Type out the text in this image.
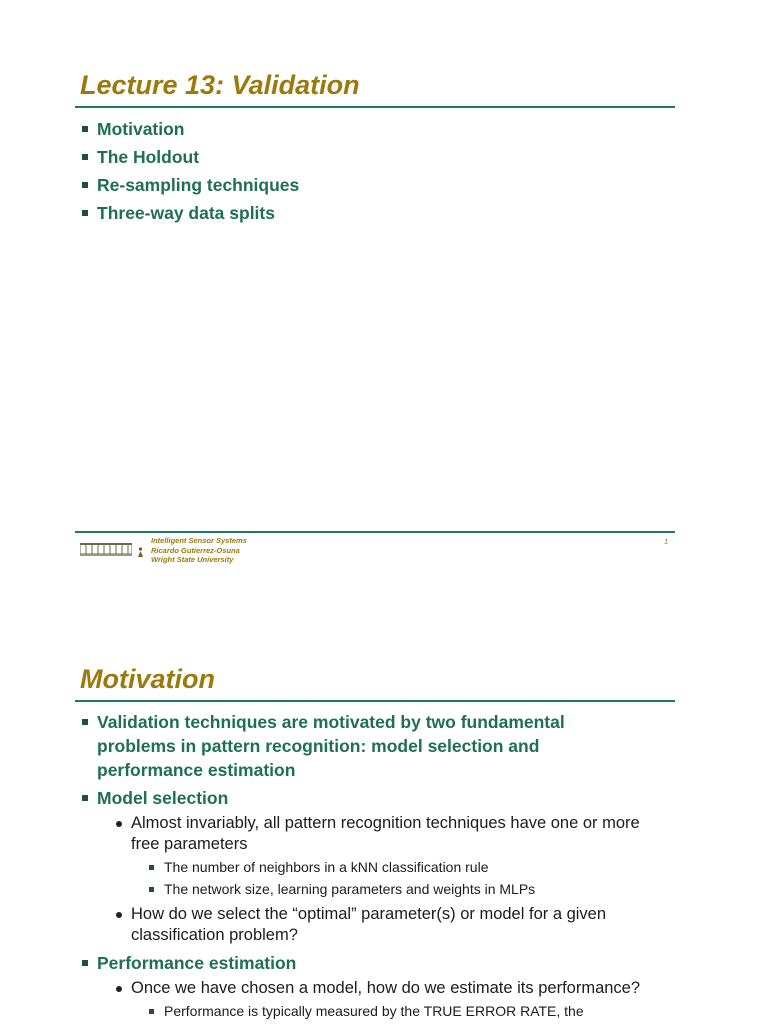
Lecture 13: Validation
Motivation
The Holdout
Re-sampling techniques
Three-way data splits
Intelligent Sensor Systems
Ricardo Gutierrez-Osuna
Wright State University
1
Motivation
Validation techniques are motivated by two fundamental
problems in pattern recognition: model selection and
performance estimation
Model selection
Almost invariably, all pattern recognition techniques have one or more
free parameters
The number of neighbors in a kNN classification rule
The network size, learning parameters and weights in MLPs
How do we select the “optimal” parameter(s) or model for a given
classification problem?
Performance estimation
Once we have chosen a model, how do we estimate its performance?
Performance is typically measured by the TRUE ERROR RATE, the
